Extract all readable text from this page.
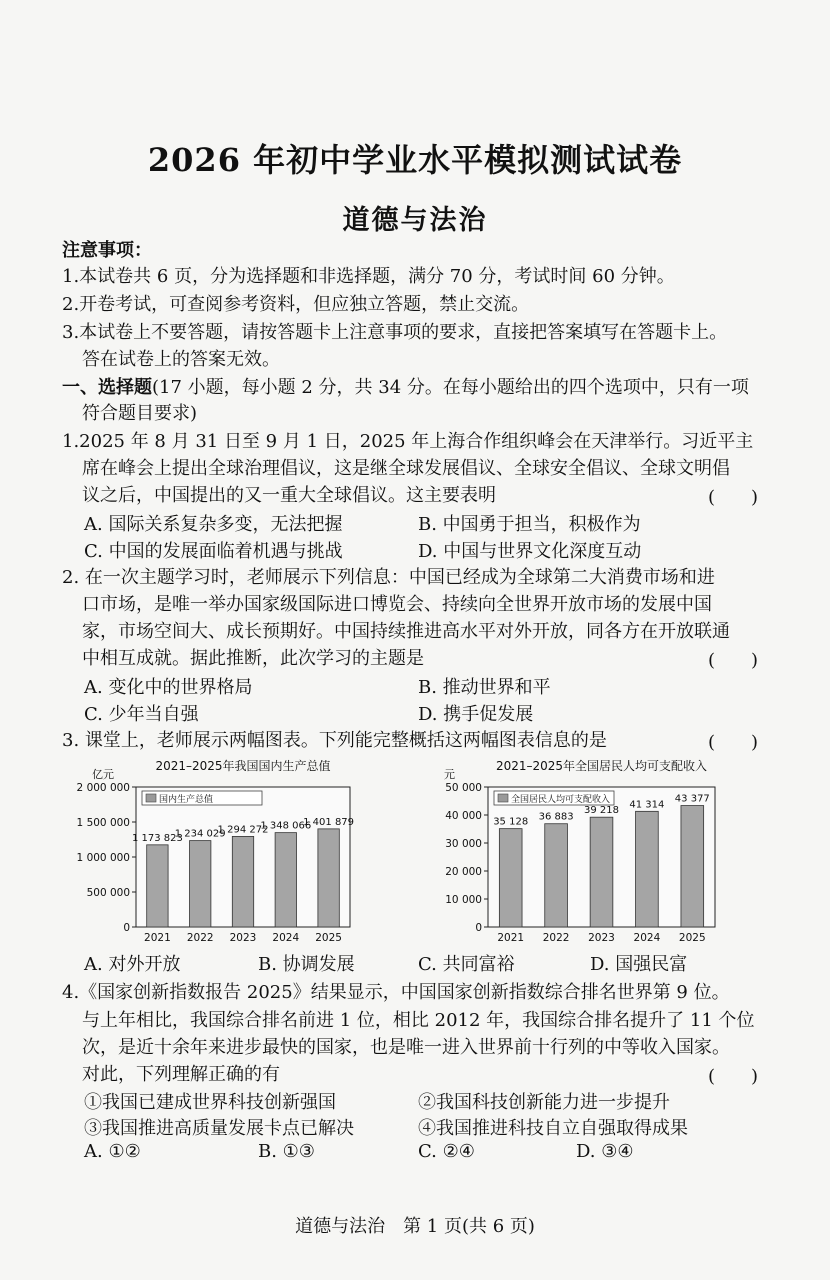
2026 年初中学业水平模拟测试试卷
道德与法治
注意事项：
1.本试卷共 6 页，分为选择题和非选择题，满分 70 分，考试时间 60 分钟。
2.开卷考试，可查阅参考资料，但应独立答题，禁止交流。
3.本试卷上不要答题，请按答题卡上注意事项的要求，直接把答案填写在答题卡上。
答在试卷上的答案无效。
一、选择题(17 小题，每小题 2 分，共 34 分。在每小题给出的四个选项中，只有一项
符合题目要求)
1.2025 年 8 月 31 日至 9 月 1 日，2025 年上海合作组织峰会在天津举行。习近平主
席在峰会上提出全球治理倡议，这是继全球发展倡议、全球安全倡议、全球文明倡
议之后，中国提出的又一重大全球倡议。这主要表明	(　　)
A. 国际关系复杂多变，无法把握	B. 中国勇于担当，积极作为
C. 中国的发展面临着机遇与挑战	D. 中国与世界文化深度互动
2. 在一次主题学习时，老师展示下列信息：中国已经成为全球第二大消费市场和进
口市场，是唯一举办国家级国际进口博览会、持续向全世界开放市场的发展中国
家，市场空间大、成长预期好。中国持续推进高水平对外开放，同各方在开放联通
中相互成就。据此推断，此次学习的主题是	(　　)
A. 变化中的世界格局	B. 推动世界和平
C. 少年当自强	D. 携手促发展
3. 课堂上，老师展示两幅图表。下列能完整概括这两幅图表信息的是	(　　)
2021–2025年我国国内生产总值
亿元
0
500 000
1 000 000
1 500 000
2 000 000
国内生产总值
1 173 823
2021
1 234 029
2022
1 294 272
2023
1 348 066
2024
1 401 879
2025
2021–2025年全国居民人均可支配收入
元
0
10 000
20 000
30 000
40 000
50 000
全国居民人均可支配收入
35 128
2021
36 883
2022
39 218
2023
41 314
2024
43 377
2025
A. 对外开放	B. 协调发展	C. 共同富裕	D. 国强民富
4.《国家创新指数报告 2025》结果显示，中国国家创新指数综合排名世界第 9 位。
与上年相比，我国综合排名前进 1 位，相比 2012 年，我国综合排名提升了 11 个位
次，是近十余年来进步最快的国家，也是唯一进入世界前十行列的中等收入国家。
对此，下列理解正确的有	(　　)
①我国已建成世界科技创新强国	②我国科技创新能力进一步提升
③我国推进高质量发展卡点已解决	④我国推进科技自立自强取得成果
A. ①②	B. ①③	C. ②④	D. ③④
道德与法治　第 1 页(共 6 页)
